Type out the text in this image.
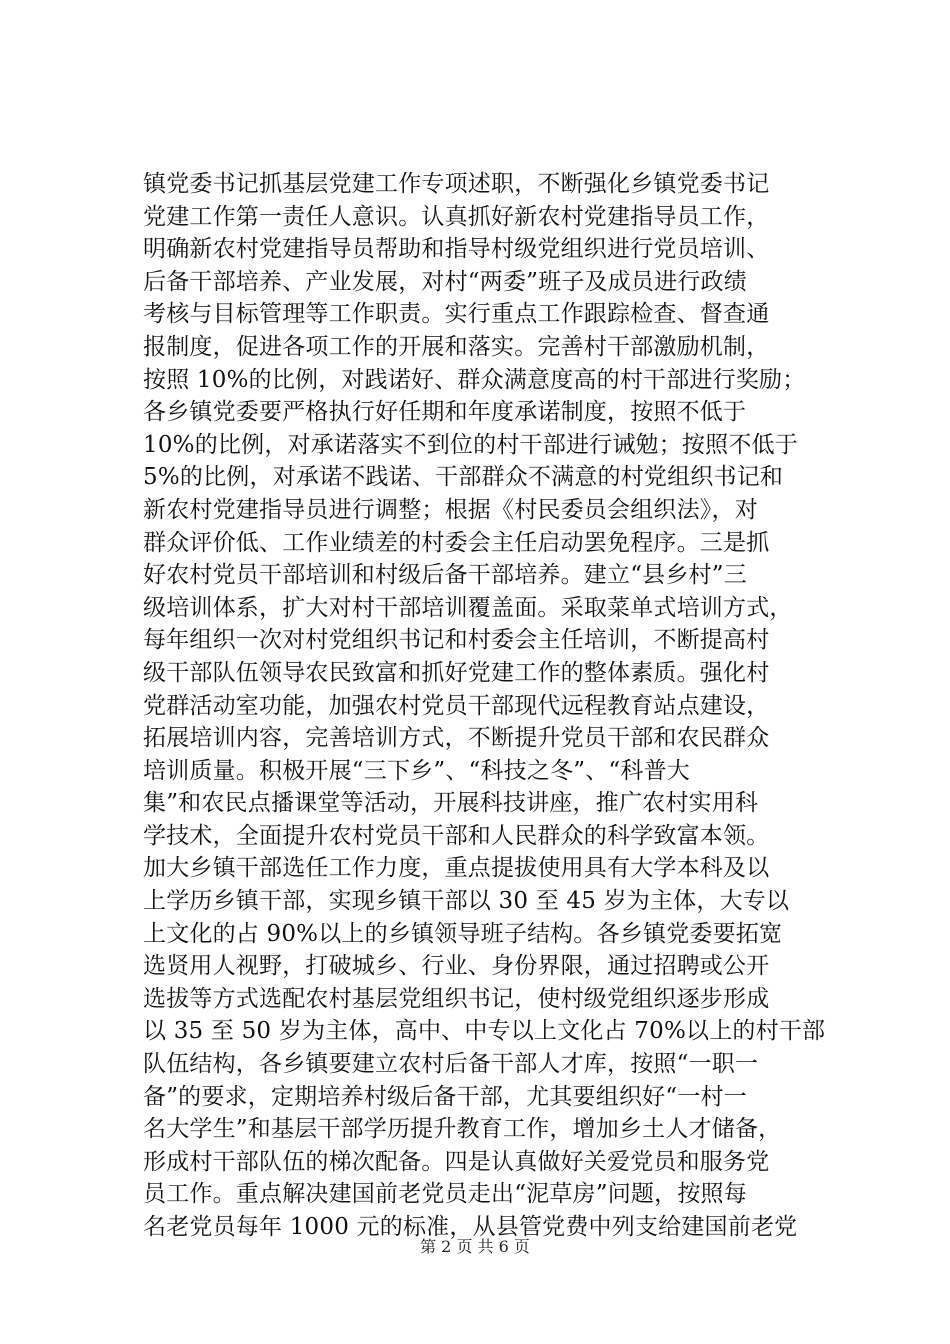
镇党委书记抓基层党建工作专项述职，不断强化乡镇党委书记
党建工作第一责任人意识。认真抓好新农村党建指导员工作，
明确新农村党建指导员帮助和指导村级党组织进行党员培训、
后备干部培养、产业发展，对村“两委”班子及成员进行政绩
考核与目标管理等工作职责。实行重点工作跟踪检查、督查通
报制度，促进各项工作的开展和落实。完善村干部激励机制，
按照 10%的比例，对践诺好、群众满意度高的村干部进行奖励；
各乡镇党委要严格执行好任期和年度承诺制度，按照不低于
10%的比例，对承诺落实不到位的村干部进行诫勉；按照不低于
5%的比例，对承诺不践诺、干部群众不满意的村党组织书记和
新农村党建指导员进行调整；根据《村民委员会组织法》，对
群众评价低、工作业绩差的村委会主任启动罢免程序。三是抓
好农村党员干部培训和村级后备干部培养。建立“县乡村”三
级培训体系，扩大对村干部培训覆盖面。采取菜单式培训方式，
每年组织一次对村党组织书记和村委会主任培训，不断提高村
级干部队伍领导农民致富和抓好党建工作的整体素质。强化村
党群活动室功能，加强农村党员干部现代远程教育站点建设，
拓展培训内容，完善培训方式，不断提升党员干部和农民群众
培训质量。积极开展“三下乡”、“科技之冬”、“科普大
集”和农民点播课堂等活动，开展科技讲座，推广农村实用科
学技术，全面提升农村党员干部和人民群众的科学致富本领。
加大乡镇干部选任工作力度，重点提拔使用具有大学本科及以
上学历乡镇干部，实现乡镇干部以 30 至 45 岁为主体，大专以
上文化的占 90%以上的乡镇领导班子结构。各乡镇党委要拓宽
选贤用人视野，打破城乡、行业、身份界限，通过招聘或公开
选拔等方式选配农村基层党组织书记，使村级党组织逐步形成
以 35 至 50 岁为主体，高中、中专以上文化占 70%以上的村干部
队伍结构，各乡镇要建立农村后备干部人才库，按照“一职一
备”的要求，定期培养村级后备干部，尤其要组织好“一村一
名大学生”和基层干部学历提升教育工作，增加乡土人才储备，
形成村干部队伍的梯次配备。四是认真做好关爱党员和服务党
员工作。重点解决建国前老党员走出“泥草房”问题，按照每
名老党员每年 1000 元的标准，从县管党费中列支给建国前老党
第 2 页 共 6 页
